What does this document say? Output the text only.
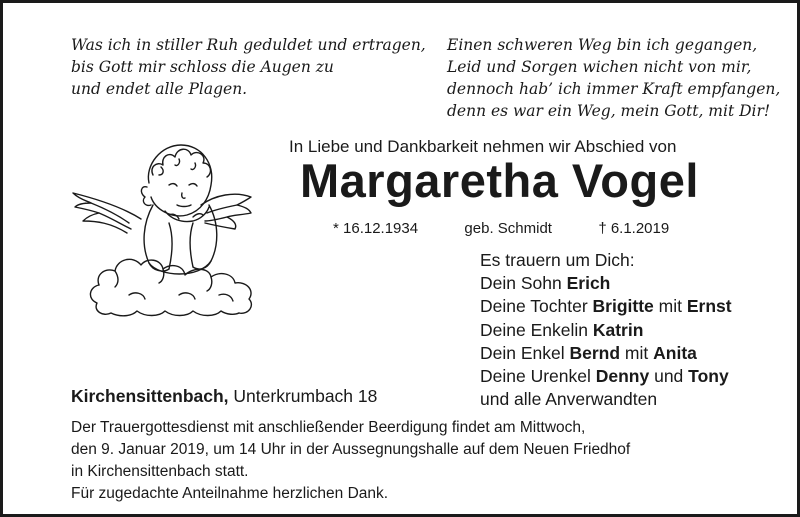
Was ich in stiller Ruh geduldet und ertragen,
bis Gott mir schloss die Augen zu
und endet alle Plagen.
Einen schweren Weg bin ich gegangen,
Leid und Sorgen wichen nicht von mir,
dennoch hab’ ich immer Kraft empfangen,
denn es war ein Weg, mein Gott, mit Dir!
In Liebe und Dankbarkeit nehmen wir Abschied von
Margaretha Vogel
* 16.12.1934	geb. Schmidt	† 6.1.2019
Es trauern um Dich:
Dein Sohn Erich
Deine Tochter Brigitte mit Ernst
Deine Enkelin Katrin
Dein Enkel Bernd mit Anita
Deine Urenkel Denny und Tony
und alle Anverwandten
Kirchensittenbach, Unterkrumbach 18
Der Trauergottesdienst mit anschließender Beerdigung findet am Mittwoch,
den 9. Januar 2019, um 14 Uhr in der Aussegnungshalle auf dem Neuen Friedhof
in Kirchensittenbach statt.
Für zugedachte Anteilnahme herzlichen Dank.
